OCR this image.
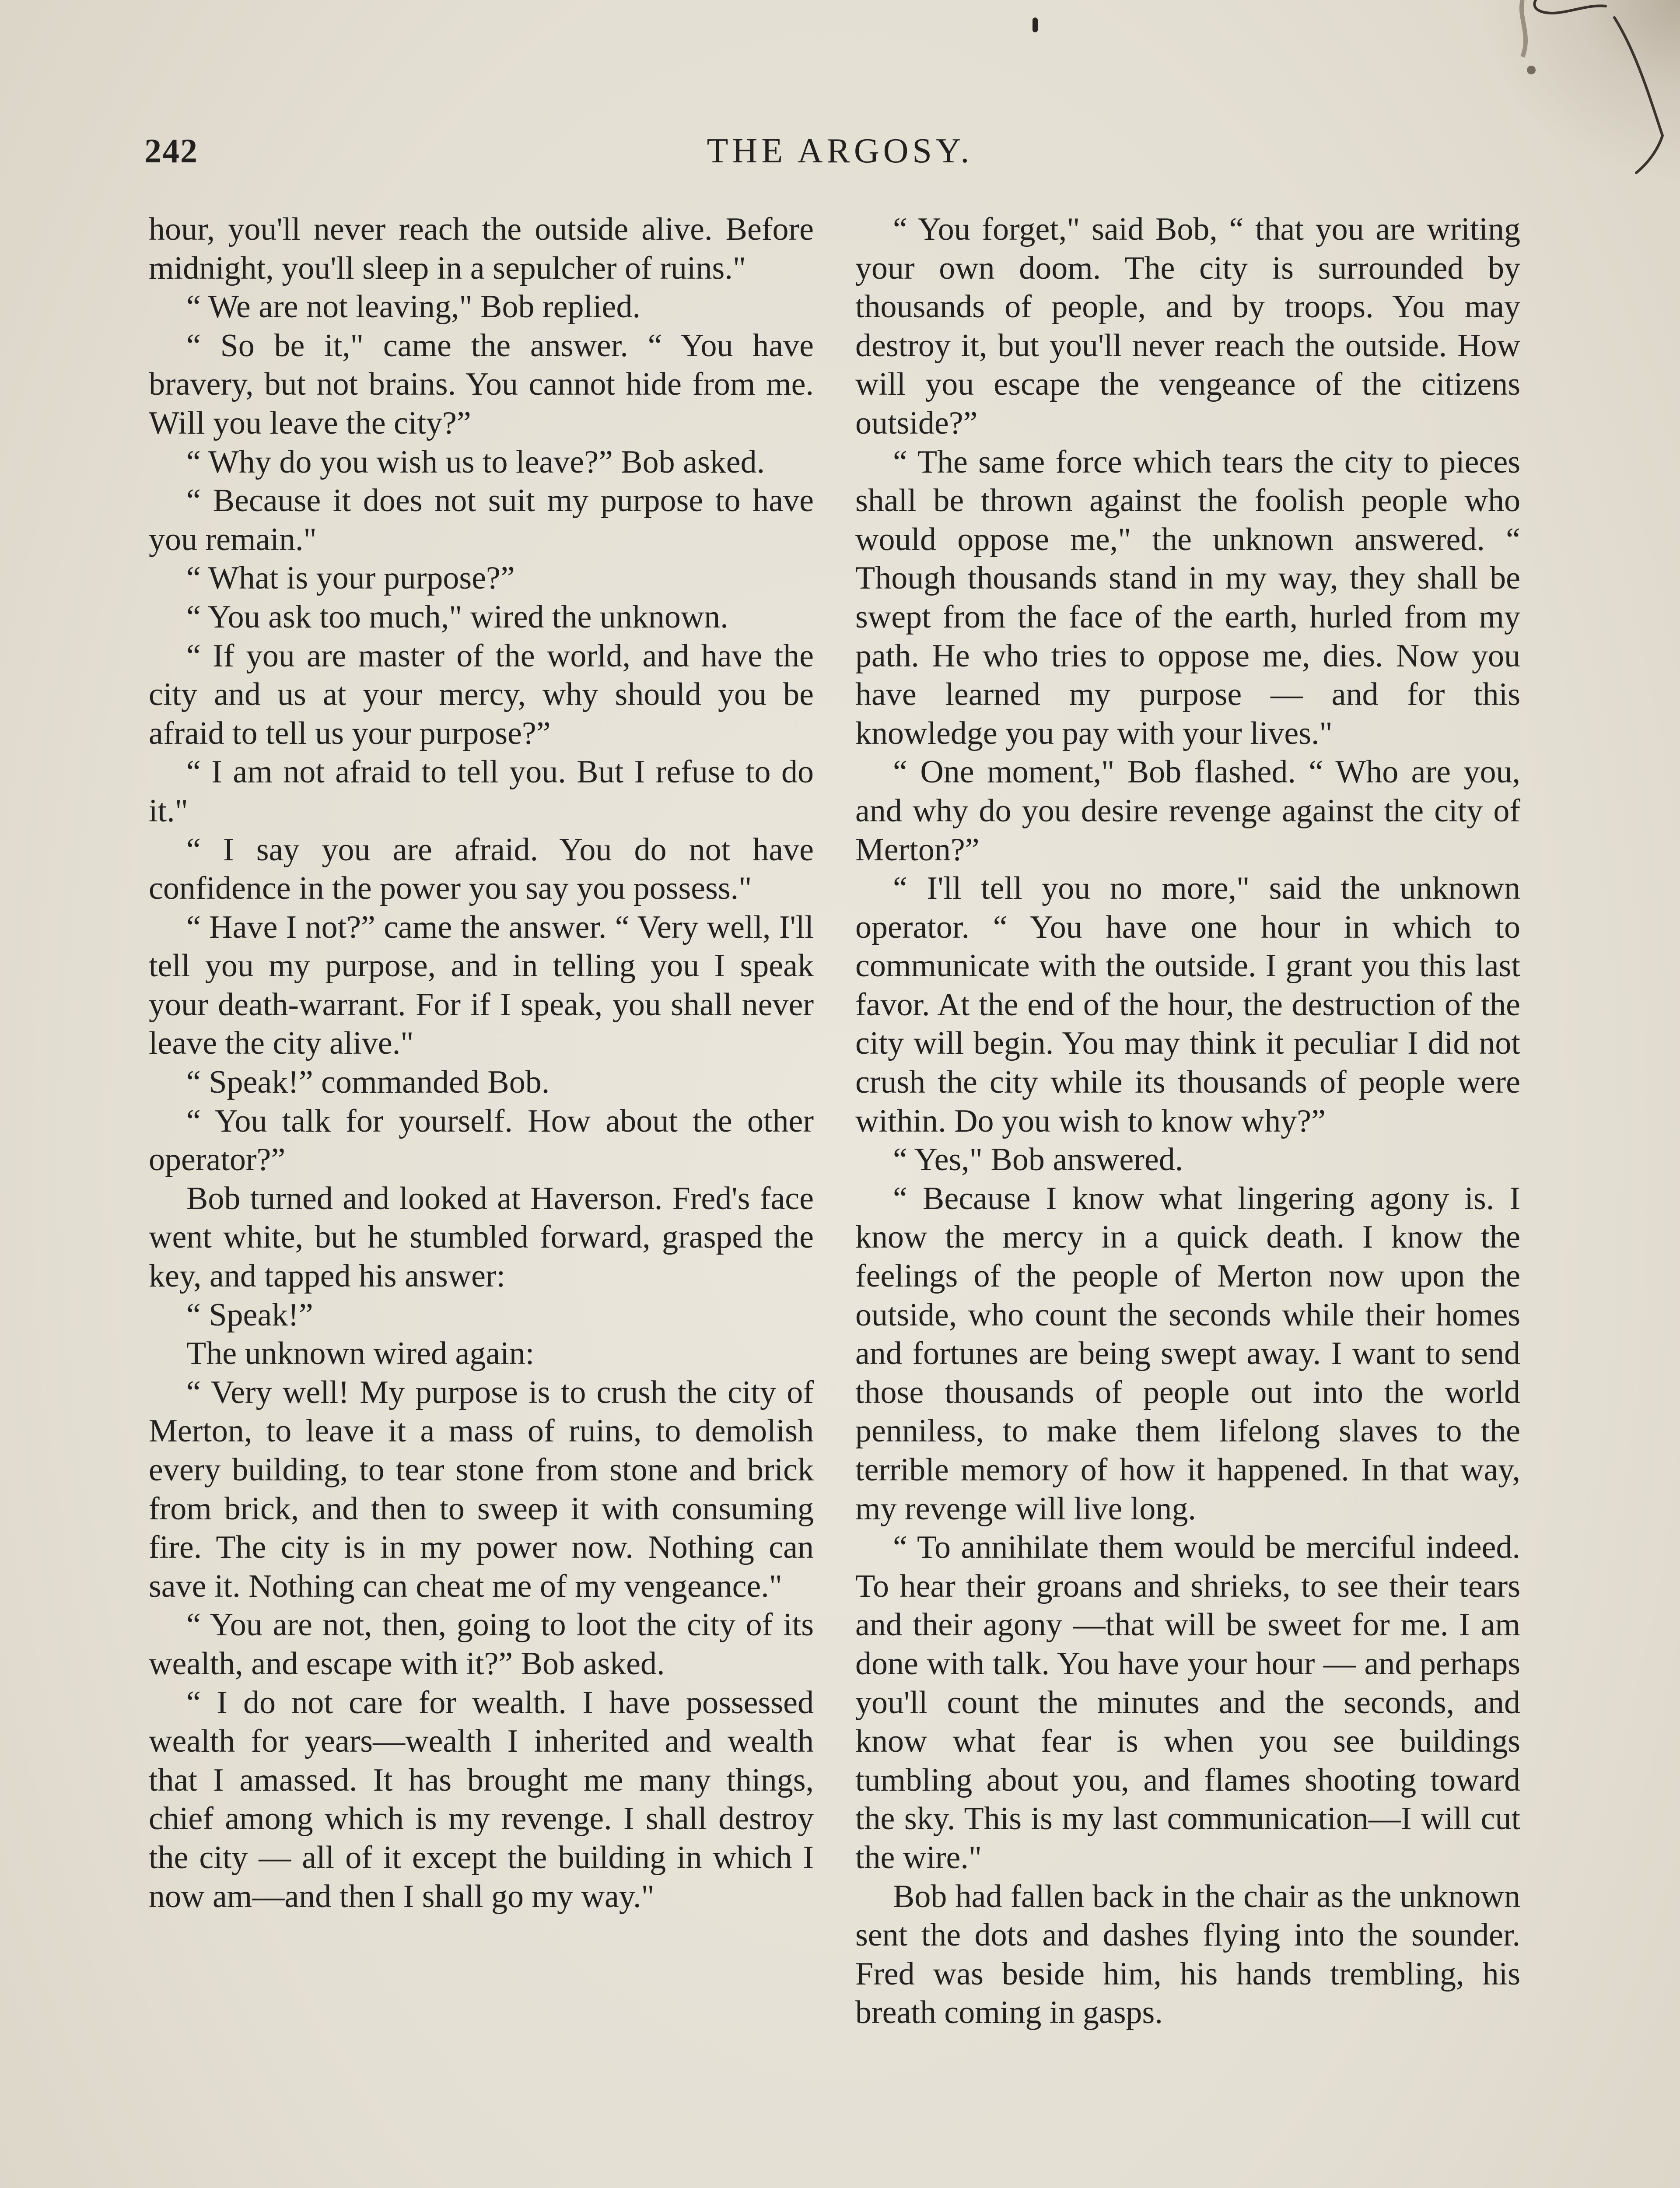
242	THE ARGOSY.

hour, you'll never reach the outside alive. Before midnight, you'll sleep in a sepulcher of ruins."

“ We are not leaving," Bob replied.

“ So be it," came the answer. “ You have bravery, but not brains. You cannot hide from me. Will you leave the city?”

“ Why do you wish us to leave?” Bob asked.

“ Because it does not suit my purpose to have you remain."

“ What is your purpose?”

“ You ask too much," wired the unknown.

“ If you are master of the world, and have the city and us at your mercy, why should you be afraid to tell us your purpose?”

“ I am not afraid to tell you. But I refuse to do it."

“ I say you are afraid. You do not have confidence in the power you say you possess."

“ Have I not?” came the answer. “ Very well, I'll tell you my purpose, and in telling you I speak your death-warrant. For if I speak, you shall never leave the city alive."

“ Speak!” commanded Bob.

“ You talk for yourself. How about the other operator?”

Bob turned and looked at Haverson. Fred's face went white, but he stumbled forward, grasped the key, and tapped his answer:

“ Speak!”

The unknown wired again:

“ Very well! My purpose is to crush the city of Merton, to leave it a mass of ruins, to demolish every building, to tear stone from stone and brick from brick, and then to sweep it with consuming fire. The city is in my power now. Nothing can save it. Nothing can cheat me of my vengeance."

“ You are not, then, going to loot the city of its wealth, and escape with it?” Bob asked.

“ I do not care for wealth. I have possessed wealth for years—wealth I inherited and wealth that I amassed. It has brought me many things, chief among which is my revenge. I shall destroy the city — all of it except the building in which I now am—and then I shall go my way."

“ You forget," said Bob, “ that you are writing your own doom. The city is surrounded by thousands of people, and by troops. You may destroy it, but you'll never reach the outside. How will you escape the vengeance of the citizens outside?”

“ The same force which tears the city to pieces shall be thrown against the foolish people who would oppose me," the unknown answered. “ Though thousands stand in my way, they shall be swept from the face of the earth, hurled from my path. He who tries to oppose me, dies. Now you have learned my purpose — and for this knowledge you pay with your lives."

“ One moment," Bob flashed. “ Who are you, and why do you desire revenge against the city of Merton?”

“ I'll tell you no more," said the unknown operator. “ You have one hour in which to communicate with the outside. I grant you this last favor. At the end of the hour, the destruction of the city will begin. You may think it peculiar I did not crush the city while its thousands of people were within. Do you wish to know why?”

“ Yes," Bob answered.

“ Because I know what lingering agony is. I know the mercy in a quick death. I know the feelings of the people of Merton now upon the outside, who count the seconds while their homes and fortunes are being swept away. I want to send those thousands of people out into the world penniless, to make them lifelong slaves to the terrible memory of how it happened. In that way, my revenge will live long.

“ To annihilate them would be merciful indeed. To hear their groans and shrieks, to see their tears and their agony —that will be sweet for me. I am done with talk. You have your hour — and perhaps you'll count the minutes and the seconds, and know what fear is when you see buildings tumbling about you, and flames shooting toward the sky. This is my last communication—I will cut the wire."

Bob had fallen back in the chair as the unknown sent the dots and dashes flying into the sounder. Fred was beside him, his hands trembling, his breath coming in gasps.
